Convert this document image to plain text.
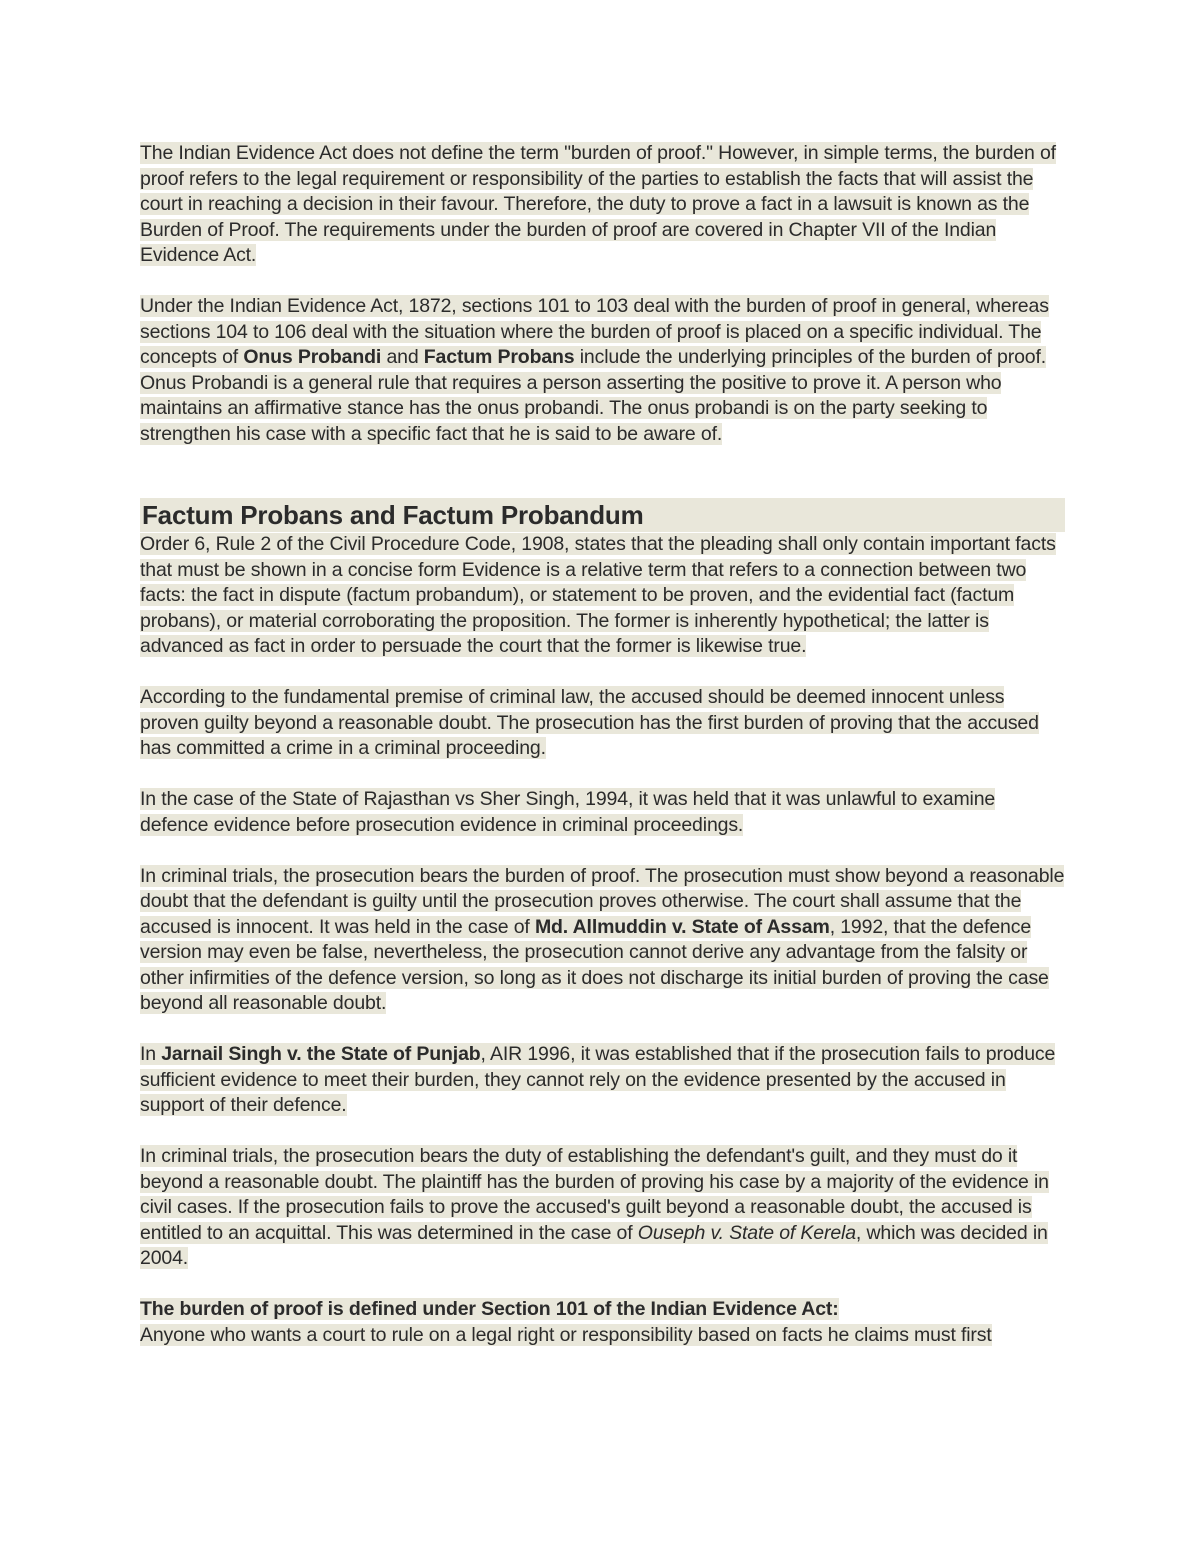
The Indian Evidence Act does not define the term "burden of proof." However, in simple terms, the burden of proof refers to the legal requirement or responsibility of the parties to establish the facts that will assist the court in reaching a decision in their favour. Therefore, the duty to prove a fact in a lawsuit is known as the Burden of Proof. The requirements under the burden of proof are covered in Chapter VII of the Indian Evidence Act.

Under the Indian Evidence Act, 1872, sections 101 to 103 deal with the burden of proof in general, whereas sections 104 to 106 deal with the situation where the burden of proof is placed on a specific individual. The concepts of Onus Probandi and Factum Probans include the underlying principles of the burden of proof. Onus Probandi is a general rule that requires a person asserting the positive to prove it. A person who maintains an affirmative stance has the onus probandi. The onus probandi is on the party seeking to strengthen his case with a specific fact that he is said to be aware of.

Factum Probans and Factum Probandum

Order 6, Rule 2 of the Civil Procedure Code, 1908, states that the pleading shall only contain important facts that must be shown in a concise form Evidence is a relative term that refers to a connection between two facts: the fact in dispute (factum probandum), or statement to be proven, and the evidential fact (factum probans), or material corroborating the proposition. The former is inherently hypothetical; the latter is advanced as fact in order to persuade the court that the former is likewise true.

According to the fundamental premise of criminal law, the accused should be deemed innocent unless proven guilty beyond a reasonable doubt. The prosecution has the first burden of proving that the accused has committed a crime in a criminal proceeding.

In the case of the State of Rajasthan vs Sher Singh, 1994, it was held that it was unlawful to examine defence evidence before prosecution evidence in criminal proceedings.

In criminal trials, the prosecution bears the burden of proof. The prosecution must show beyond a reasonable doubt that the defendant is guilty until the prosecution proves otherwise. The court shall assume that the accused is innocent. It was held in the case of Md. Allmuddin v. State of Assam, 1992, that the defence version may even be false, nevertheless, the prosecution cannot derive any advantage from the falsity or other infirmities of the defence version, so long as it does not discharge its initial burden of proving the case beyond all reasonable doubt.

In Jarnail Singh v. the State of Punjab, AIR 1996, it was established that if the prosecution fails to produce sufficient evidence to meet their burden, they cannot rely on the evidence presented by the accused in support of their defence.

In criminal trials, the prosecution bears the duty of establishing the defendant's guilt, and they must do it beyond a reasonable doubt. The plaintiff has the burden of proving his case by a majority of the evidence in civil cases. If the prosecution fails to prove the accused's guilt beyond a reasonable doubt, the accused is entitled to an acquittal. This was determined in the case of Ouseph v. State of Kerela, which was decided in 2004.

The burden of proof is defined under Section 101 of the Indian Evidence Act:

Anyone who wants a court to rule on a legal right or responsibility based on facts he claims must first
